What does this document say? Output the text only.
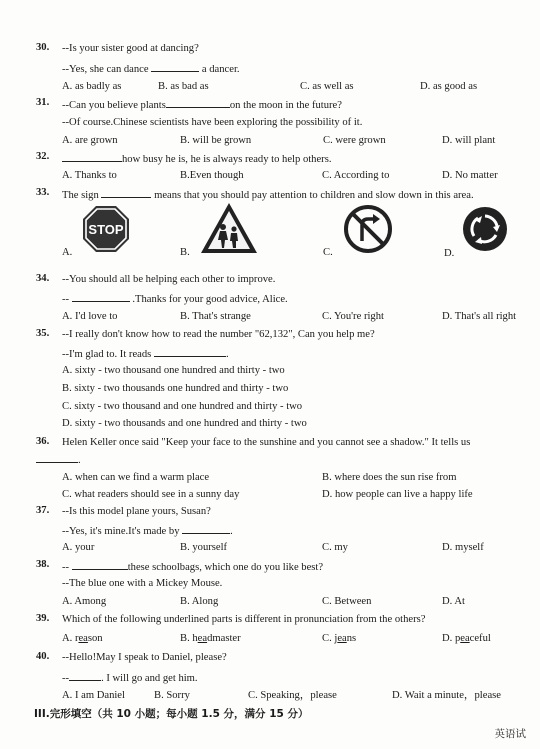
30. --Is your sister good at dancing?
--Yes, she can dance	a dancer.
A. as badly as	B. as bad as	C. as well as	D. as good as
31. --Can you believe plants	on the moon in the future?
--Of course.Chinese scientists have been exploring the possibility of it.
A. are grown	B. will be grown	C. were grown	D. will plant
32.	how busy he is, he is always ready to help others.
A. Thanks to	B.Even though	C. According to	D. No matter
33. The sign	means that you should pay attention to children and slow down in this area.
STOP
A.	B.	C.	D.
34. --You should all be helping each other to improve.
--	.Thanks for your good advice, Alice.
A. I'd love to	B. That's strange	C. You're right	D. That's all right
35. --I really don't know how to read the number "62,132", Can you help me?
--I'm glad to. It reads	.
A. sixty - two thousand one hundred and thirty - two
B. sixty - two thousands one hundred and thirty - two
C. sixty - two thousand and one hundred and thirty - two
D. sixty - two thousands and one hundred and thirty - two
36. Helen Keller once said "Keep your face to the sunshine and you cannot see a shadow." It tells us
.
A. when can we find a warm place	B. where does the sun rise from
C. what readers should see in a sunny day	D. how people can live a happy life
37. --Is this model plane yours, Susan?
--Yes, it's mine.It's made by	.
A. your	B. yourself	C. my	D. myself
38. --	these schoolbags, which one do you like best?
--The blue one with a Mickey Mouse.
A. Among	B. Along	C. Between	D. At
39. Which of the following underlined parts is different in pronunciation from the others?
A. reason	B. headmaster	C. jeans	D. peaceful
40. --Hello!May I speak to Daniel, please?
--	. I will go and get him.
A. I am Daniel	B. Sorry	C. Speaking，please	D. Wait a minute，please
III.完形填空（共 10 小题；每小题 1.5 分，满分 15 分）
英语试
